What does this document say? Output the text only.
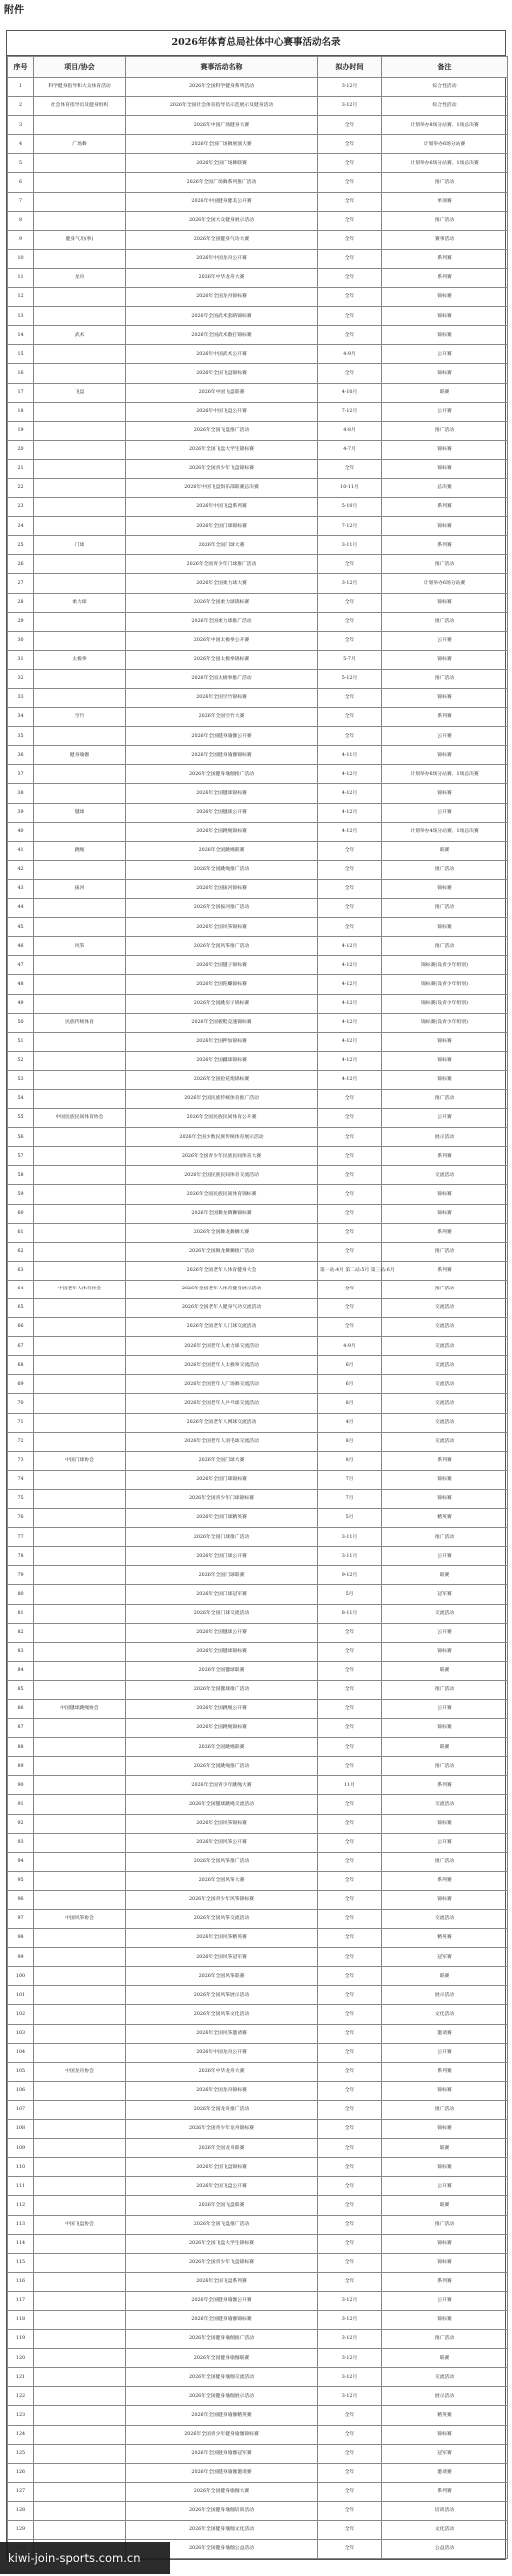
附件
2026年体育总局社体中心赛事活动名录
序号	项目/协会	赛事活动名称	拟办时间	备注
1	科学健身指导和大众体育活动	2026年全国科学健身系列活动	3-12月	综合性活动
2	社会体育指导员及健身组织	2026年全国社会体育指导员示范展示及健身活动	3-12月	综合性活动
3		2026年中国广场健身大赛	全年	计划举办8场分站赛、1场总决赛
4	广场舞	2026年全国广场舞展演大赛	全年	计划举办6场分站赛
5		2026年全国广场舞联赛	全年	计划举办6场分站赛、1场总决赛
6		2026年全国广场舞系列推广活动	全年	推广活动
7		2026年中国健身健美公开赛	全年	单项赛
8		2026年全国大众健身展示活动	全年	推广活动
9	健身气功(拳)	2026年全国健身气功大赛	全年	赛事活动
10		2026年中国龙舟公开赛	全年	系列赛
11	龙舟	2026年中华龙舟大赛	全年	系列赛
12		2026年全国龙舟锦标赛	全年	锦标赛
13		2026年全国武术套路锦标赛	全年	锦标赛
14	武术	2026年全国武术散打锦标赛	全年	锦标赛
15		2026年中国武术公开赛	4-9月	公开赛
16		2026年全国飞盘锦标赛	全年	锦标赛
17	飞盘	2026年中国飞盘联赛	4-10月	联赛
18		2026年中国飞盘公开赛	7-12月	公开赛
19		2026年全国飞盘推广活动	4-8月	推广活动
20		2026年全国飞盘大学生锦标赛	4-7月	锦标赛
21		2026年全国青少年飞盘锦标赛	全年	锦标赛
22		2026年中国飞盘俱乐部联赛总决赛	10-11月	总决赛
23		2026年中国飞盘系列赛	5-10月	系列赛
24		2026年全国门球锦标赛	7-12月	锦标赛
25	门球	2026年全国门球大赛	3-11月	系列赛
26		2026年全国青少年门球推广活动	全年	推广活动
27		2026年全国柔力球大赛	3-12月	计划举办6场分站赛
28	柔力球	2026年全国柔力球锦标赛	全年	锦标赛
29		2026年全国柔力球推广活动	全年	推广活动
30		2026年中国太极拳公开赛	全年	公开赛
31	太极拳	2026年全国太极拳锦标赛	5-7月	锦标赛
32		2026年全国太极拳推广活动	5-12月	推广活动
33		2026年全国空竹锦标赛	全年	锦标赛
34	空竹	2026年全国空竹大赛	全年	系列赛
35		2026年全国健身瑜伽公开赛	全年	公开赛
36	健身瑜伽	2026年全国健身瑜伽锦标赛	4-11月	锦标赛
37		2026年全国健身瑜伽推广活动	4-12月	计划举办6场分站赛、1场总决赛
38		2026年全国毽球锦标赛	4-12月	锦标赛
39	毽球	2026年全国毽球公开赛	4-12月	公开赛
40		2026年全国跳绳锦标赛	4-12月	计划举办4场分站赛、1场总决赛
41	跳绳	2026年全国跳绳联赛	全年	联赛
42		2026年全国跳绳推广活动	全年	推广活动
43	拔河	2026年全国拔河锦标赛	全年	锦标赛
44		2026年全国拔河推广活动	全年	推广活动
45		2026年全国风筝锦标赛	全年	锦标赛
46	风筝	2026年全国风筝推广活动	4-12月	推广活动
47		2026年全国毽子锦标赛	4-12月	锦标赛(设青少年组别)
48		2026年全国陀螺锦标赛	4-12月	锦标赛(设青少年组别)
49		2026年全国跳房子锦标赛	4-12月	锦标赛(设青少年组别)
50	民族传统体育	2026年全国板鞋竞速锦标赛	4-12月	锦标赛(设青少年组别)
51		2026年全国押加锦标赛	4-12月	锦标赛
52		2026年全国蹴球锦标赛	4-12月	锦标赛
53		2026年全国抢花炮锦标赛	4-12月	锦标赛
54		2026年全国民族传统体育推广活动	全年	推广活动
55	中国民族民间体育协会	2026年全国民族民间体育公开赛	全年	公开赛
56		2026年全国少数民族传统体育展示活动	全年	展示活动
57		2026年全国青少年民族民间体育大赛	全年	系列赛
58		2026年全国民族民间体育交流活动	全年	交流活动
59		2026年全国民族民间体育锦标赛	全年	锦标赛
60		2026年全国舞龙舞狮锦标赛	全年	锦标赛
61		2026年全国舞龙舞狮大赛	全年	系列赛
62		2026年全国舞龙舞狮推广活动	全年	推广活动
63		2026年全国老年人体育健身大会	第一站:4月 第二站:5月 第三站:6月	系列赛
64	中国老年人体育协会	2026年全国老年人体育健身展示活动	全年	推广活动
65		2026年全国老年人健身气功交流活动	全年	交流活动
66		2026年全国老年人门球交流活动	全年	交流活动
67		2026年全国老年人柔力球交流活动	4-9月	交流活动
68		2026年全国老年人太极拳交流活动	6月	交流活动
69		2026年全国老年人广场舞交流活动	6月	交流活动
70		2026年全国老年人乒乓球交流活动	8月	交流活动
71		2026年全国老年人网球交流活动	4月	交流活动
72		2026年全国老年人羽毛球交流活动	8月	交流活动
73	中国门球协会	2026年全国门球大赛	8月	系列赛
74		2026年全国门球锦标赛	7月	锦标赛
75		2026年全国青少年门球锦标赛	7月	锦标赛
76		2026年全国门球精英赛	5月	精英赛
77		2026年全国门球推广活动	3-11月	推广活动
78		2026年全国门球公开赛	3-11月	公开赛
79		2026年全国门球联赛	9-12月	联赛
80		2026年全国门球冠军赛	5月	冠军赛
81		2026年全国门球交流活动	8-11月	交流活动
82		2026年全国毽球公开赛	全年	公开赛
83		2026年全国毽球锦标赛	全年	锦标赛
84		2026年全国毽球联赛	全年	联赛
85		2026年全国毽球推广活动	全年	推广活动
86	中国毽球跳绳协会	2026年全国跳绳公开赛	全年	公开赛
87		2026年全国跳绳锦标赛	全年	锦标赛
88		2026年全国跳绳联赛	全年	联赛
89		2026年全国跳绳推广活动	全年	推广活动
90		2026年全国青少年跳绳大赛	11月	系列赛
91		2026年全国毽球跳绳交流活动	全年	交流活动
92		2026年全国风筝锦标赛	全年	锦标赛
93		2026年全国风筝公开赛	全年	公开赛
94		2026年全国风筝推广活动	全年	推广活动
95		2026年全国风筝大赛	全年	系列赛
96		2026年全国青少年风筝锦标赛	全年	锦标赛
97	中国风筝协会	2026年全国风筝交流活动	全年	交流活动
98		2026年全国风筝精英赛	全年	精英赛
99		2026年全国风筝冠军赛	全年	冠军赛
100		2026年全国风筝联赛	全年	联赛
101		2026年全国风筝展示活动	全年	展示活动
102		2026年全国风筝文化活动	全年	文化活动
103		2026年全国风筝邀请赛	全年	邀请赛
104		2026年中国龙舟公开赛	全年	公开赛
105	中国龙舟协会	2026年中华龙舟大赛	全年	系列赛
106		2026年全国龙舟锦标赛	全年	锦标赛
107		2026年全国龙舟推广活动	全年	推广活动
108		2026年全国青少年龙舟锦标赛	全年	锦标赛
109		2026年全国龙舟联赛	全年	联赛
110		2026年全国飞盘锦标赛	全年	锦标赛
111		2026年全国飞盘公开赛	全年	公开赛
112		2026年全国飞盘联赛	全年	联赛
113	中国飞盘协会	2026年全国飞盘推广活动	全年	推广活动
114		2026年全国飞盘大学生锦标赛	全年	锦标赛
115		2026年全国青少年飞盘锦标赛	全年	锦标赛
116		2026年全国飞盘系列赛	全年	系列赛
117		2026年全国健身瑜伽公开赛	3-12月	公开赛
118		2026年全国健身瑜伽锦标赛	3-12月	锦标赛
119		2026年全国健身瑜伽推广活动	3-12月	推广活动
120		2026年全国健身瑜伽联赛	3-12月	联赛
121		2026年全国健身瑜伽交流活动	3-12月	交流活动
122		2026年全国健身瑜伽展示活动	3-12月	展示活动
123		2026年全国健身瑜伽精英赛	全年	精英赛
124		2026年全国青少年健身瑜伽锦标赛	全年	锦标赛
125		2026年全国健身瑜伽冠军赛	全年	冠军赛
126		2026年全国健身瑜伽邀请赛	全年	邀请赛
127		2026年全国健身瑜伽大赛	全年	系列赛
128		2026年全国健身瑜伽培训活动	全年	培训活动
129		2026年全国健身瑜伽文化活动	全年	文化活动
		2026年全国健身瑜伽公益活动	全年	公益活动
kiwi-join-sports.com.cn
